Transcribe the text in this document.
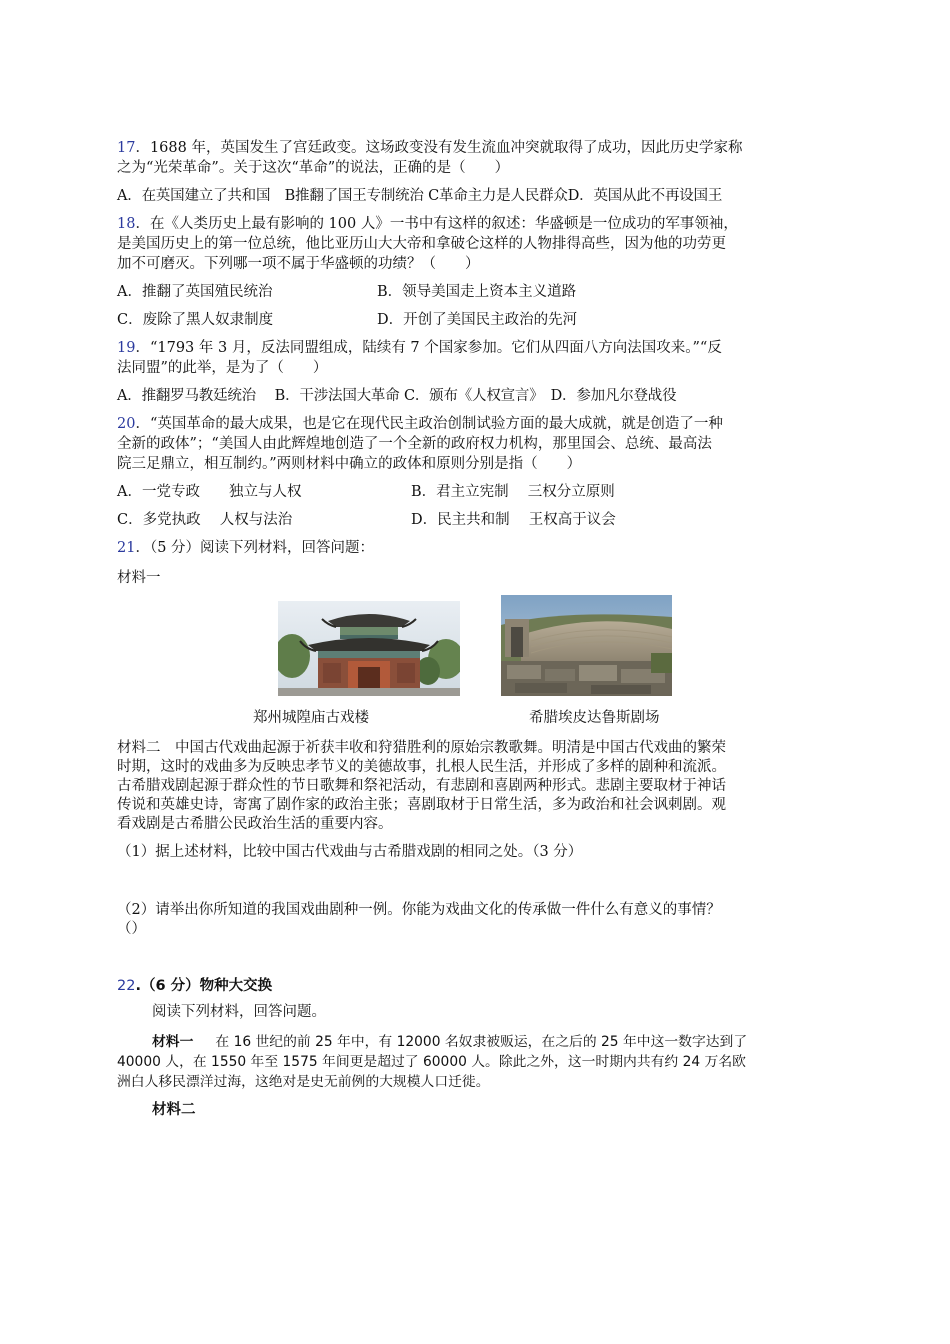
17．1688 年，英国发生了宫廷政变。这场政变没有发生流血冲突就取得了成功，因此历史学家称
之为“光荣革命”。关于这次“革命”的说法，正确的是（　　）
A．在英国建立了共和国　B推翻了国王专制统治 C革命主力是人民群众D．英国从此不再设国王
18．在《人类历史上最有影响的 100 人》一书中有这样的叙述：华盛顿是一位成功的军事领袖，
是美国历史上的第一位总统，他比亚历山大大帝和拿破仑这样的人物排得高些，因为他的功劳更
加不可磨灭。下列哪一项不属于华盛顿的功绩？（　　）
A．推翻了英国殖民统治	B．领导美国走上资本主义道路
C．废除了黑人奴隶制度	D．开创了美国民主政治的先河
19．“1793 年 3 月，反法同盟组成，陆续有 7 个国家参加。它们从四面八方向法国攻来。”“反
法同盟”的此举，是为了（　　）
A．推翻罗马教廷统治　 B．干涉法国大革命 C．颁布《人权宣言》　D．参加凡尔登战役
20．“英国革命的最大成果，也是它在现代民主政治创制试验方面的最大成就，就是创造了一种
全新的政体”；“美国人由此辉煌地创造了一个全新的政府权力机构，那里国会、总统、最高法
院三足鼎立，相互制约。”两则材料中确立的政体和原则分别是指（　　）
A．一党专政　　独立与人权	B．君主立宪制　 三权分立原则
C．多党执政　 人权与法治	D．民主共和制　 王权高于议会
21．（5 分）阅读下列材料，回答问题：
材料一
郑州城隍庙古戏楼	希腊埃皮达鲁斯剧场
材料二　中国古代戏曲起源于祈获丰收和狩猎胜利的原始宗教歌舞。明清是中国古代戏曲的繁荣
时期，这时的戏曲多为反映忠孝节义的美德故事，扎根人民生活，并形成了多样的剧种和流派。
古希腊戏剧起源于群众性的节日歌舞和祭祀活动，有悲剧和喜剧两种形式。悲剧主要取材于神话
传说和英雄史诗，寄寓了剧作家的政治主张；喜剧取材于日常生活，多为政治和社会讽刺剧。观
看戏剧是古希腊公民政治生活的重要内容。
（1）据上述材料，比较中国古代戏曲与古希腊戏剧的相同之处。（3 分）
（2）请举出你所知道的我国戏曲剧种一例。你能为戏曲文化的传承做一件什么有意义的事情？
（）
22.（6 分）物种大交换
阅读下列材料，回答问题。
材料一 在 16 世纪的前 25 年中，有 12000 名奴隶被贩运，在之后的 25 年中这一数字达到了
40000 人，在 1550 年至 1575 年间更是超过了 60000 人。除此之外，这一时期内共有约 24 万名欧
洲白人移民漂洋过海，这绝对是史无前例的大规模人口迁徙。
材料二
